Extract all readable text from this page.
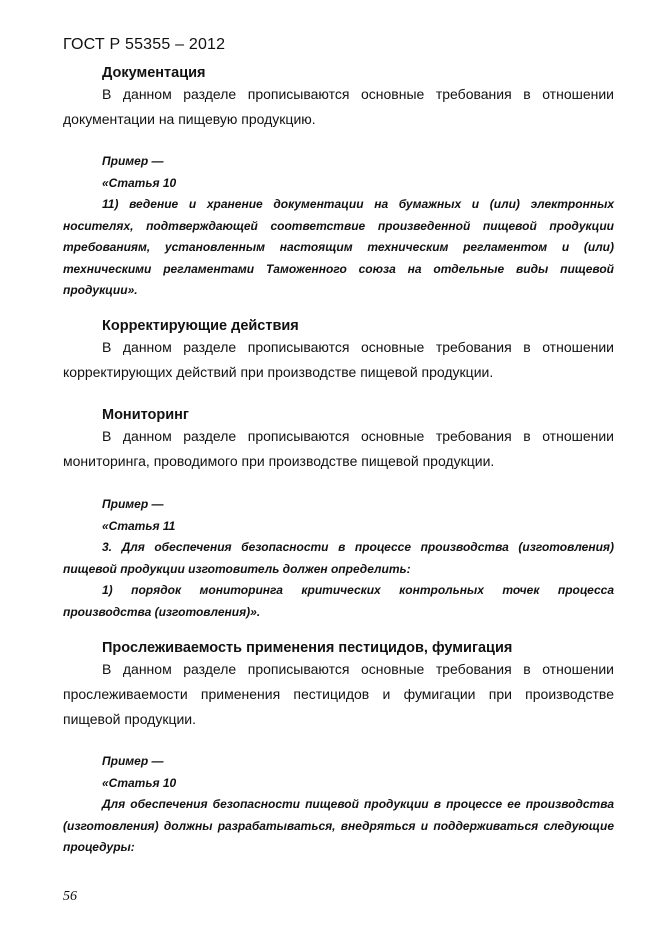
ГОСТ Р 55355 – 2012
Документация

В данном разделе прописываются основные требования в отношении документации на пищевую продукцию.

Пример —
«Статья 10

11) ведение и хранение документации на бумажных и (или) электронных носителях, подтверждающей соответствие произведенной пищевой продукции требованиям, установленным настоящим техническим регламентом и (или) техническими регламентами Таможенного союза на отдельные виды пищевой продукции».

Корректирующие действия

В данном разделе прописываются основные требования в отношении корректирующих действий при производстве пищевой продукции.

Мониторинг

В данном разделе прописываются основные требования в отношении мониторинга, проводимого при производстве пищевой продукции.

Пример —
«Статья 11

3. Для обеспечения безопасности в процессе производства (изготовления) пищевой продукции изготовитель должен определить:

1) порядок мониторинга критических контрольных точек процесса производства (изготовления)».

Прослеживаемость применения пестицидов, фумигация

В данном разделе прописываются основные требования в отношении прослеживаемости применения пестицидов и фумигации при производстве пищевой продукции.

Пример —
«Статья 10

Для обеспечения безопасности пищевой продукции в процессе ее производства (изготовления) должны разрабатываться, внедряться и поддерживаться следующие процедуры:

56
